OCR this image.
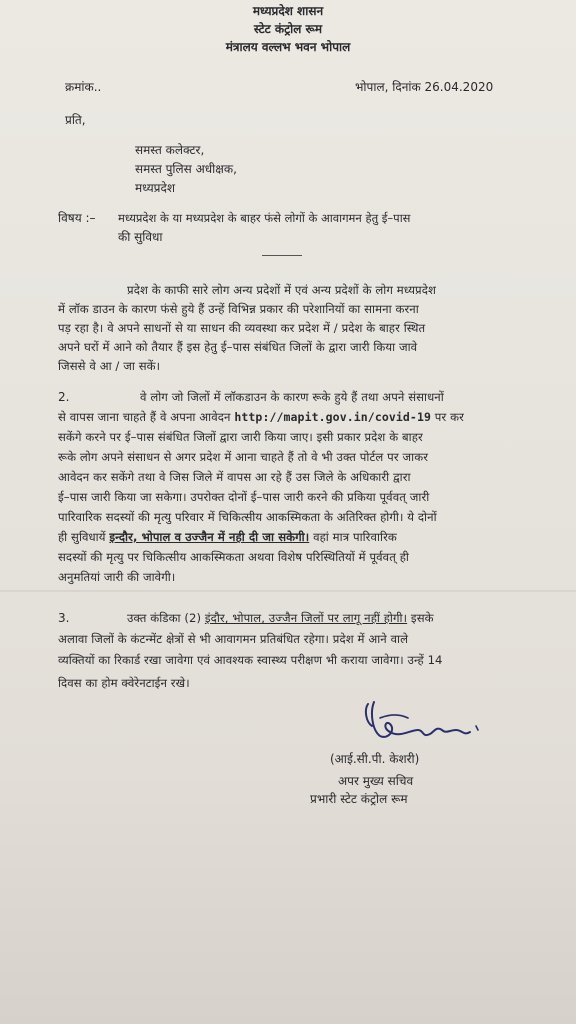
मध्यप्रदेश शासन
स्टेट कंट्रोल रूम
मंत्रालय वल्लभ भवन भोपाल
क्रमांक..	भोपाल, दिनांक 26.04.2020
प्रति,
समस्त कलेक्टर,
समस्त पुलिस अधीक्षक,
मध्यप्रदेश
विषय :– मध्यप्रदेश के या मध्यप्रदेश के बाहर फंसे लोगों के आवागमन हेतु ई–पास
की सुविधा
प्रदेश के काफी सारे लोग अन्य प्रदेशों में एवं अन्य प्रदेशों के लोग मध्यप्रदेश
में लॉक डाउन के कारण फंसे हुये हैं उन्हें विभिन्न प्रकार की परेशानियों का सामना करना
पड़ रहा है। वे अपने साधनों से या साधन की व्यवस्था कर प्रदेश में / प्रदेश के बाहर स्थित
अपने घरों में आने को तैयार हैं इस हेतु ई–पास संबंधित जिलों के द्वारा जारी किया जावे
जिससे वे आ / जा सकें।
2.	वे लोग जो जिलों में लॉकडाउन के कारण रूके हुये हैं तथा अपने संसाधनों
से वापस जाना चाहते हैं वे अपना आवेदन http://mapit.gov.in/covid-19 पर कर
सकेंगे करने पर ई–पास संबंधित जिलों द्वारा जारी किया जाए। इसी प्रकार प्रदेश के बाहर
रूके लोग अपने संसाधन से अगर प्रदेश में आना चाहते हैं तो वे भी उक्त पोर्टल पर जाकर
आवेदन कर सकेंगे तथा वे जिस जिले में वापस आ रहे हैं उस जिले के अधिकारी द्वारा
ई–पास जारी किया जा सकेगा। उपरोक्त दोनों ई–पास जारी करने की प्रकिया पूर्ववत् जारी
पारिवारिक सदस्यों की मृत्यु परिवार में चिकित्सीय आकस्मिकता के अतिरिक्त होगी। ये दोनों
ही सुविधायें इन्दौर, भोपाल व उज्जैन में नही दी जा सकेगी। वहां मात्र पारिवारिक
सदस्यों की मृत्यु पर चिकित्सीय आकस्मिकता अथवा विशेष परिस्थितियों में पूर्ववत् ही
अनुमतियां जारी की जावेगी।
3.	उक्त कंडिका (2) इंदौर, भोपाल, उज्जैन जिलों पर लागू नहीं होगी। इसके
अलावा जिलों के कंटन्मेंट क्षेत्रों से भी आवागमन प्रतिबंधित रहेगा। प्रदेश में आने वाले
व्यक्तियों का रिकार्ड रखा जावेगा एवं आवश्यक स्वास्थ्य परीक्षण भी कराया जावेगा। उन्हें 14
दिवस का होम क्वेरेनटाईन रखे।
(आई.सी.पी. केशरी)
अपर मुख्य सचिव
प्रभारी स्टेट कंट्रोल रूम
